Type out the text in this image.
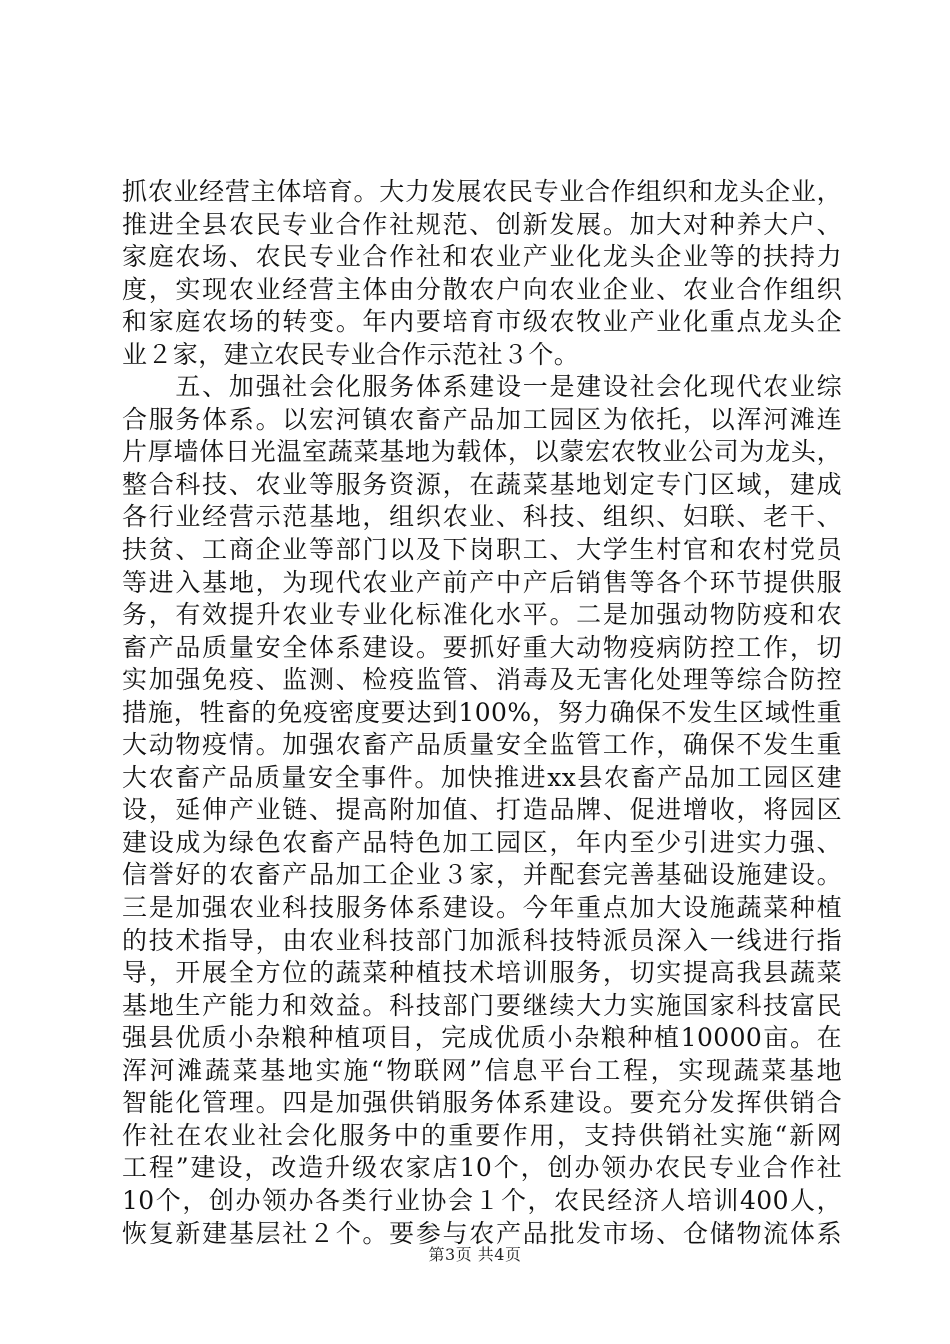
抓农业经营主体培育。大力发展农民专业合作组织和龙头企业，
推进全县农民专业合作社规范、创新发展。加大对种养大户、
家庭农场、农民专业合作社和农业产业化龙头企业等的扶持力
度，实现农业经营主体由分散农户向农业企业、农业合作组织
和家庭农场的转变。年内要培育市级农牧业产业化重点龙头企
业２家，建立农民专业合作示范社３个。
　　五、加强社会化服务体系建设一是建设社会化现代农业综
合服务体系。以宏河镇农畜产品加工园区为依托，以浑河滩连
片厚墙体日光温室蔬菜基地为载体，以蒙宏农牧业公司为龙头，
整合科技、农业等服务资源，在蔬菜基地划定专门区域，建成
各行业经营示范基地，组织农业、科技、组织、妇联、老干、
扶贫、工商企业等部门以及下岗职工、大学生村官和农村党员
等进入基地，为现代农业产前产中产后销售等各个环节提供服
务，有效提升农业专业化标准化水平。二是加强动物防疫和农
畜产品质量安全体系建设。要抓好重大动物疫病防控工作，切
实加强免疫、监测、检疫监管、消毒及无害化处理等综合防控
措施，牲畜的免疫密度要达到100%，努力确保不发生区域性重
大动物疫情。加强农畜产品质量安全监管工作，确保不发生重
大农畜产品质量安全事件。加快推进xx县农畜产品加工园区建
设，延伸产业链、提高附加值、打造品牌、促进增收，将园区
建设成为绿色农畜产品特色加工园区，年内至少引进实力强、
信誉好的农畜产品加工企业３家，并配套完善基础设施建设。
三是加强农业科技服务体系建设。今年重点加大设施蔬菜种植
的技术指导，由农业科技部门加派科技特派员深入一线进行指
导，开展全方位的蔬菜种植技术培训服务，切实提高我县蔬菜
基地生产能力和效益。科技部门要继续大力实施国家科技富民
强县优质小杂粮种植项目，完成优质小杂粮种植10000亩。在
浑河滩蔬菜基地实施“物联网”信息平台工程，实现蔬菜基地
智能化管理。四是加强供销服务体系建设。要充分发挥供销合
作社在农业社会化服务中的重要作用，支持供销社实施“新网
工程”建设，改造升级农家店10个，创办领办农民专业合作社
10个，创办领办各类行业协会１个，农民经济人培训400人，
恢复新建基层社２个。要参与农产品批发市场、仓储物流体系
第3页 共4页
